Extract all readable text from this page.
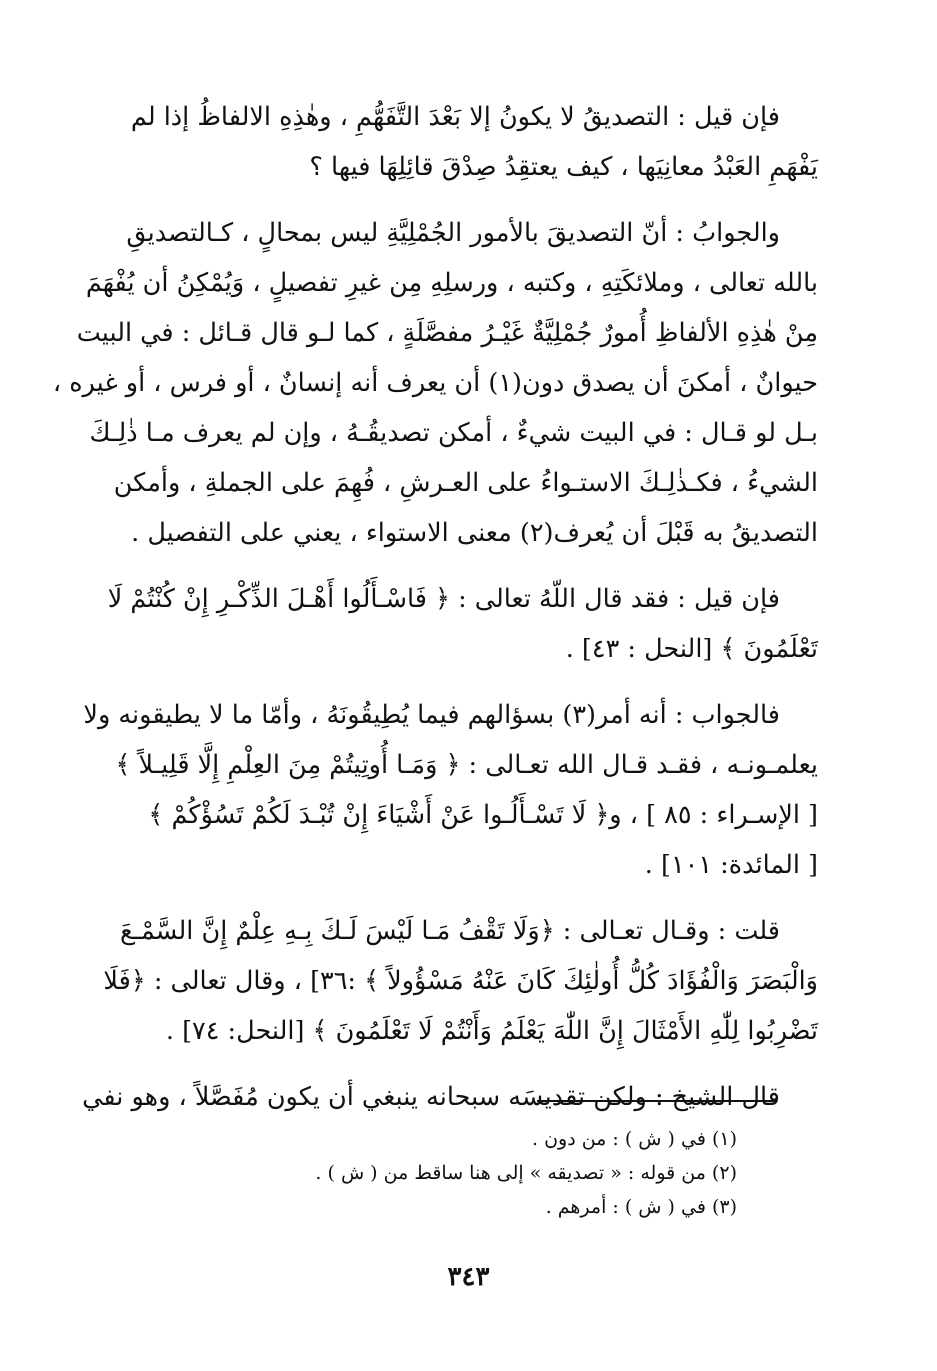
فإن قيل : التصديقُ لا يكونُ إلا بَعْدَ التَّفَهُّمِ ، وهٰذِهِ الالفاظُ إذا لم
يَفْهَمِ العَبْدُ معانِيَها ، كيف يعتقِدُ صِدْقَ قائِلِهَا فيها ؟

والجوابُ : أنّ التصديقَ بالأمور الجُمْلِيَّةِ ليس بمحالٍ ، كـالتصديقِ
بالله تعالى ، وملائكَتِهِ ، وكتبه ، ورسلِهِ مِن غيرِ تفصيلٍ ، وَيُمْكِنُ أن يُفْهَمَ
مِنْ هٰذِهِ الألفاظِ أُمورٌ جُمْلِيَّةٌ غَيْـرُ مفصَّلَةٍ ، كما لـو قال قـائل : في البيت
حيوانٌ ، أمكنَ أن يصدق دون(١) أن يعرف أنه إنسانٌ ، أو فرس ، أو غيره ،
بـل لو قـال : في البيت شيءٌ ، أمكن تصديقُـهُ ، وإن لم يعرف مـا ذٰلِـكَ
الشيءُ ، فكـذٰلِـكَ الاستـواءُ على العـرشِ ، فُهِمَ على الجملةِ ، وأمكن
التصديقُ به قَبْلَ أن يُعرف(٢) معنى الاستواء ، يعني على التفصيل .

فإن قيل : فقد قال اللّهُ تعالى : ﴿ فَاسْـأَلُوا أَهْـلَ الذِّكْـرِ إِنْ كُنْتُمْ لَا
تَعْلَمُونَ ﴾ [النحل : ٤٣] .

فالجواب : أنه أمر(٣) بسؤالهم فيما يُطِيقُونَهُ ، وأمّا ما لا يطيقونه ولا
يعلمـونـه ، فقـد قـال الله تعـالى : ﴿ وَمَـا أُوتِيتُمْ مِنَ العِلْمِ إِلَّا قَلِيـلاً ﴾
[ الإسـراء : ٨٥ ] ، و﴿ لَا تَسْـأَلُـوا عَنْ أَشْيَاءَ إِنْ تُبْـدَ لَكُمْ تَسُؤْكُمْ ﴾
[ المائدة: ١٠١] .

قلت : وقـال تعـالى : ﴿وَلَا تَقْفُ مَـا لَيْسَ لَـكَ بِـهِ عِلْمٌ إِنَّ السَّمْـعَ
وَالْبَصَرَ وَالْفُؤَادَ كُلُّ أُولٰئِكَ كَانَ عَنْهُ مَسْؤُولاً ﴾ :٣٦] ، وقال تعالى : ﴿فَلَا
تَضْرِبُوا لِلّٰهِ الأَمْثَالَ إِنَّ اللّٰهَ يَعْلَمُ وَأَنْتُمْ لَا تَعْلَمُونَ ﴾ [النحل: ٧٤] .

قال الشيخ : ولكن تقديسَه سبحانه ينبغي أن يكون مُفَصَّلاً ، وهو نفي

(١) في ( ش ) : من دون .
(٢) من قوله : « تصديقه » إلى هنا ساقط من ( ش ) .
(٣) في ( ش ) : أمرهم .
٣٤٣
